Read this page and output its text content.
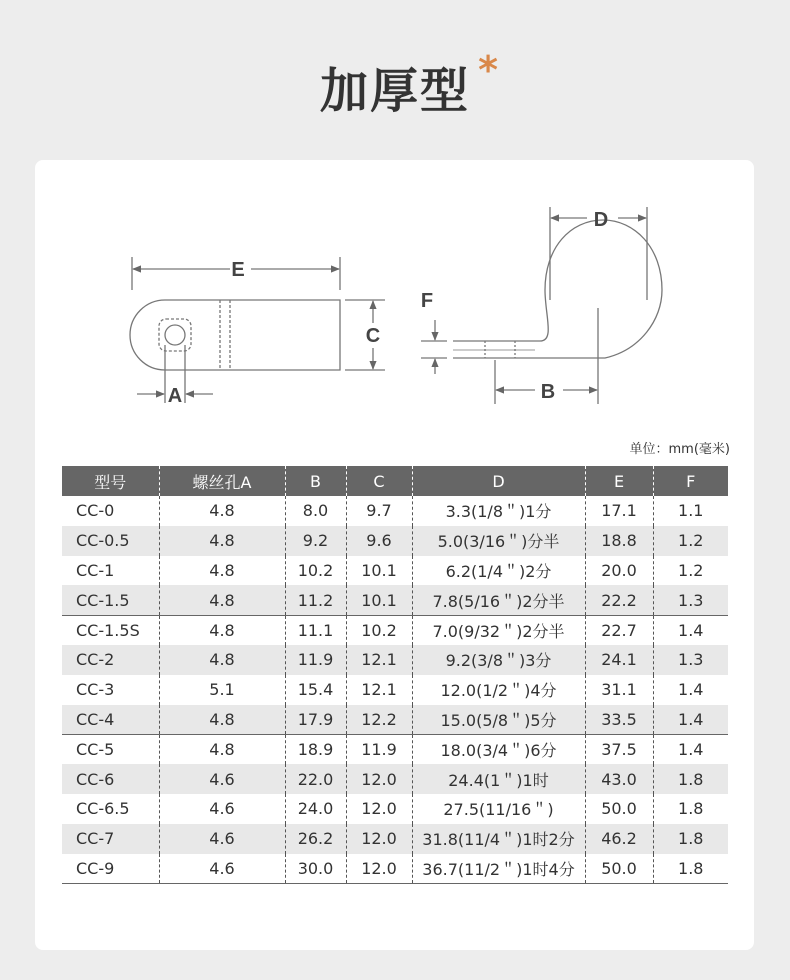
加厚型 *
E
C
A
F
D
B
单位：mm(毫米)
型号	螺丝孔A	B	C	D	E	F
CC-0	4.8	8.0	9.7	3.3(1/8＂)1分	17.1	1.1
CC-0.5	4.8	9.2	9.6	5.0(3/16＂)分半	18.8	1.2
CC-1	4.8	10.2	10.1	6.2(1/4＂)2分	20.0	1.2
CC-1.5	4.8	11.2	10.1	7.8(5/16＂)2分半	22.2	1.3
CC-1.5S	4.8	11.1	10.2	7.0(9/32＂)2分半	22.7	1.4
CC-2	4.8	11.9	12.1	9.2(3/8＂)3分	24.1	1.3
CC-3	5.1	15.4	12.1	12.0(1/2＂)4分	31.1	1.4
CC-4	4.8	17.9	12.2	15.0(5/8＂)5分	33.5	1.4
CC-5	4.8	18.9	11.9	18.0(3/4＂)6分	37.5	1.4
CC-6	4.6	22.0	12.0	24.4(1＂)1时	43.0	1.8
CC-6.5	4.6	24.0	12.0	27.5(11/16＂)	50.0	1.8
CC-7	4.6	26.2	12.0	31.8(11/4＂)1时2分	46.2	1.8
CC-9	4.6	30.0	12.0	36.7(11/2＂)1时4分	50.0	1.8
